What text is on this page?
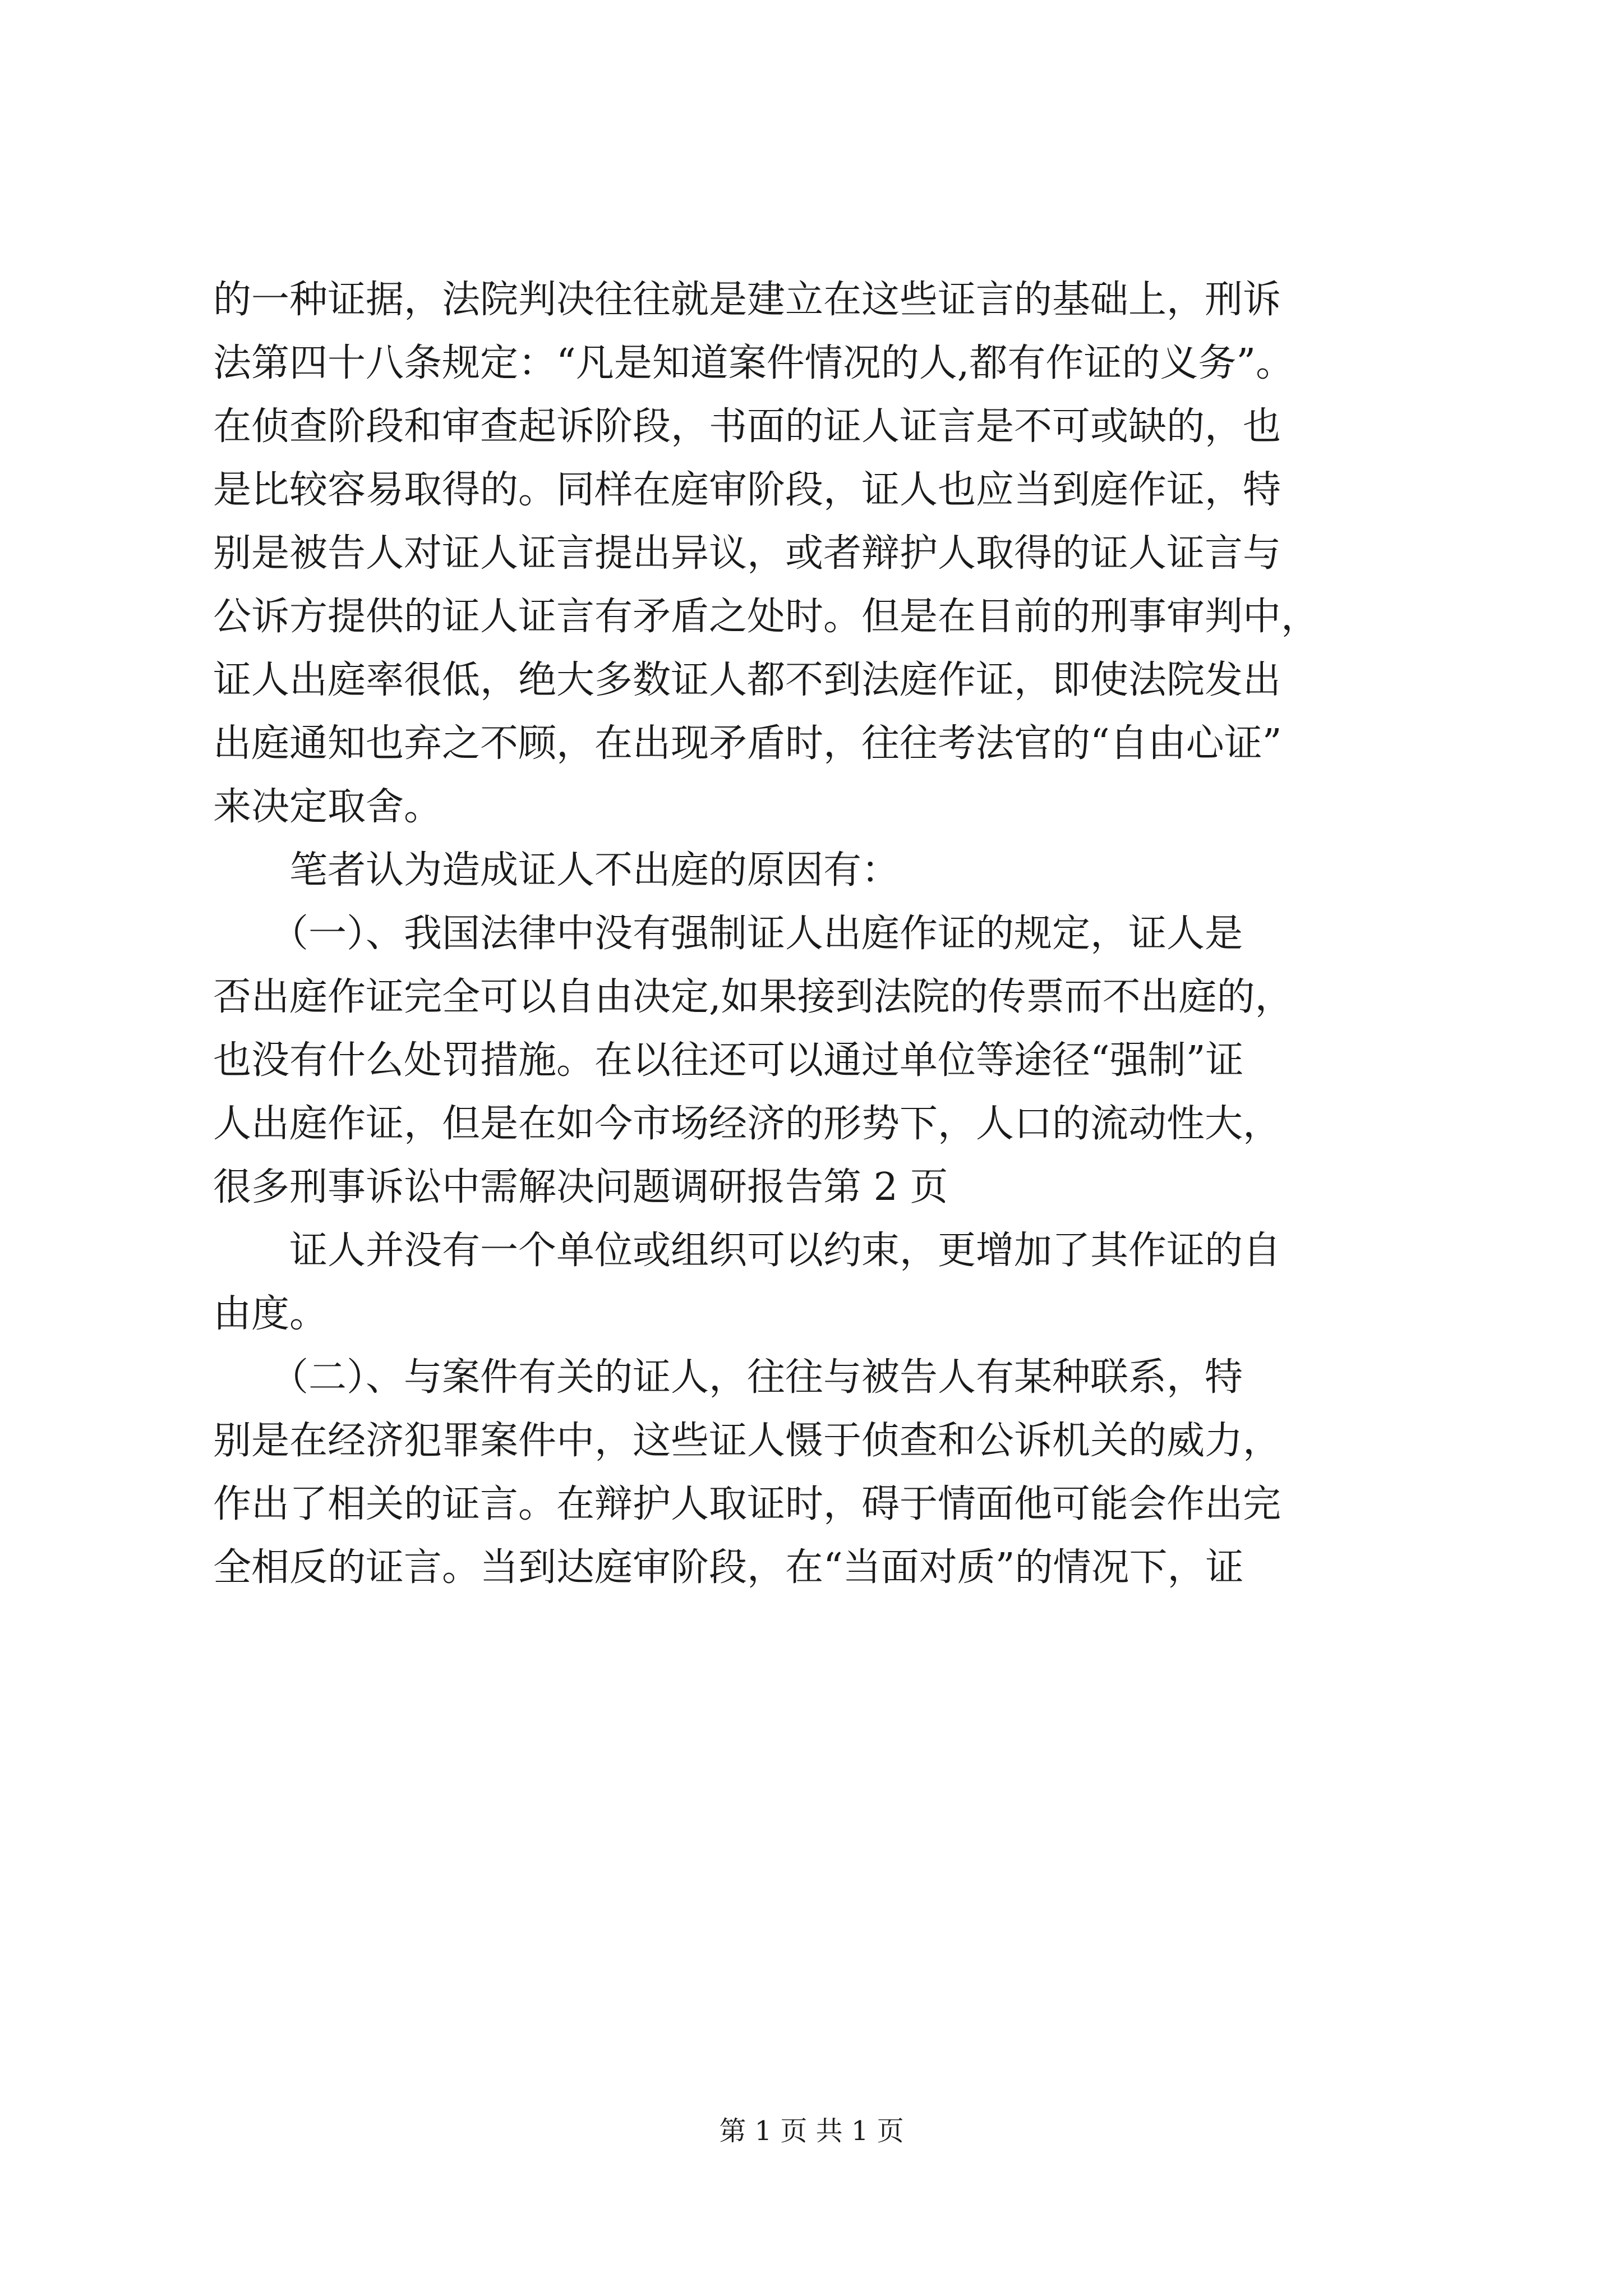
的一种证据，法院判决往往就是建立在这些证言的基础上，刑诉
法第四十八条规定：“凡是知道案件情况的人,都有作证的义务”。
在侦查阶段和审查起诉阶段，书面的证人证言是不可或缺的，也
是比较容易取得的。同样在庭审阶段，证人也应当到庭作证，特
别是被告人对证人证言提出异议，或者辩护人取得的证人证言与
公诉方提供的证人证言有矛盾之处时。但是在目前的刑事审判中，
证人出庭率很低，绝大多数证人都不到法庭作证，即使法院发出
出庭通知也弃之不顾，在出现矛盾时，往往考法官的“自由心证”
来决定取舍。
　　笔者认为造成证人不出庭的原因有：
　　（一）、我国法律中没有强制证人出庭作证的规定，证人是
否出庭作证完全可以自由决定,如果接到法院的传票而不出庭的，
也没有什么处罚措施。在以往还可以通过单位等途径“强制”证
人出庭作证，但是在如今市场经济的形势下，人口的流动性大，
很多刑事诉讼中需解决问题调研报告第 2 页
　　证人并没有一个单位或组织可以约束，更增加了其作证的自
由度。
　　（二）、与案件有关的证人，往往与被告人有某种联系，特
别是在经济犯罪案件中，这些证人慑于侦查和公诉机关的威力，
作出了相关的证言。在辩护人取证时，碍于情面他可能会作出完
全相反的证言。当到达庭审阶段，在“当面对质”的情况下，证
第 1 页 共 1 页
